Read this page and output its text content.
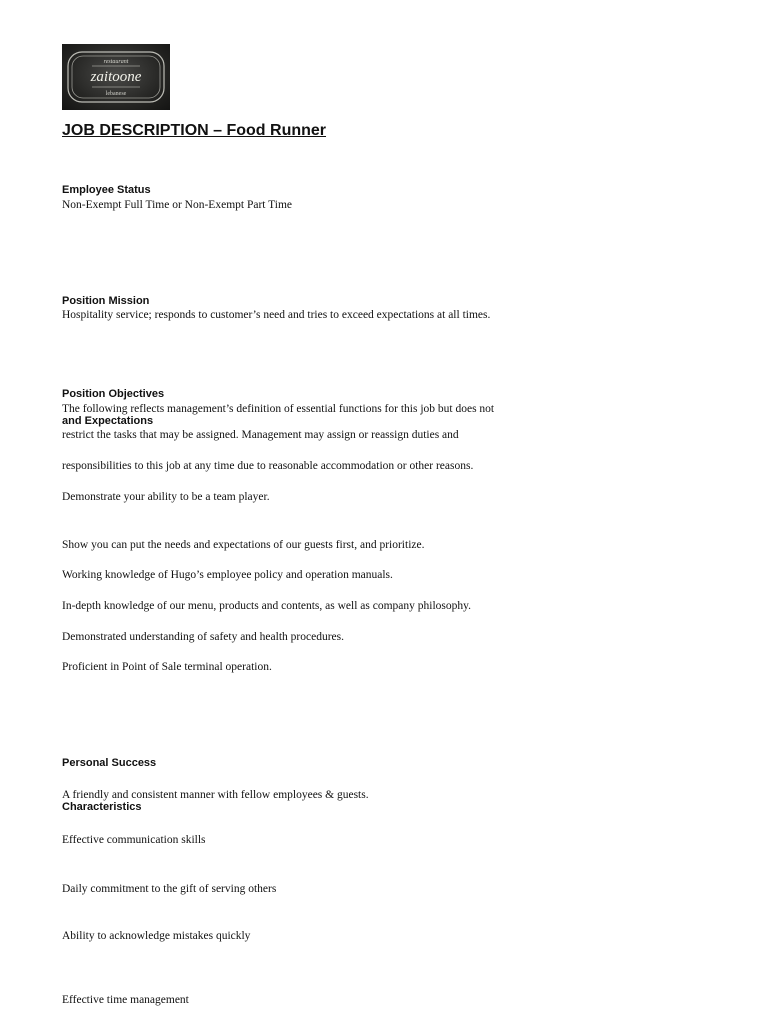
restaurant
zaitoone
lebanese
JOB DESCRIPTION – Food Runner
Employee Status
Non-Exempt Full Time or Non-Exempt Part Time
Position Mission
Hospitality service; responds to customer’s need and tries to exceed expectations at all times.
Position Objectives
The following reflects management’s definition of essential functions for this job but does not
and Expectations
restrict the tasks that may be assigned. Management may assign or reassign duties and
responsibilities to this job at any time due to reasonable accommodation or other reasons.
Demonstrate your ability to be a team player.
Show you can put the needs and expectations of our guests first, and prioritize.
Working knowledge of Hugo’s employee policy and operation manuals.
In-depth knowledge of our menu, products and contents, as well as company philosophy.
Demonstrated understanding of safety and health procedures.
Proficient in Point of Sale terminal operation.
Personal Success
A friendly and consistent manner with fellow employees & guests.
Characteristics
Effective communication skills
Daily commitment to the gift of serving others
Ability to acknowledge mistakes quickly
Effective time management
